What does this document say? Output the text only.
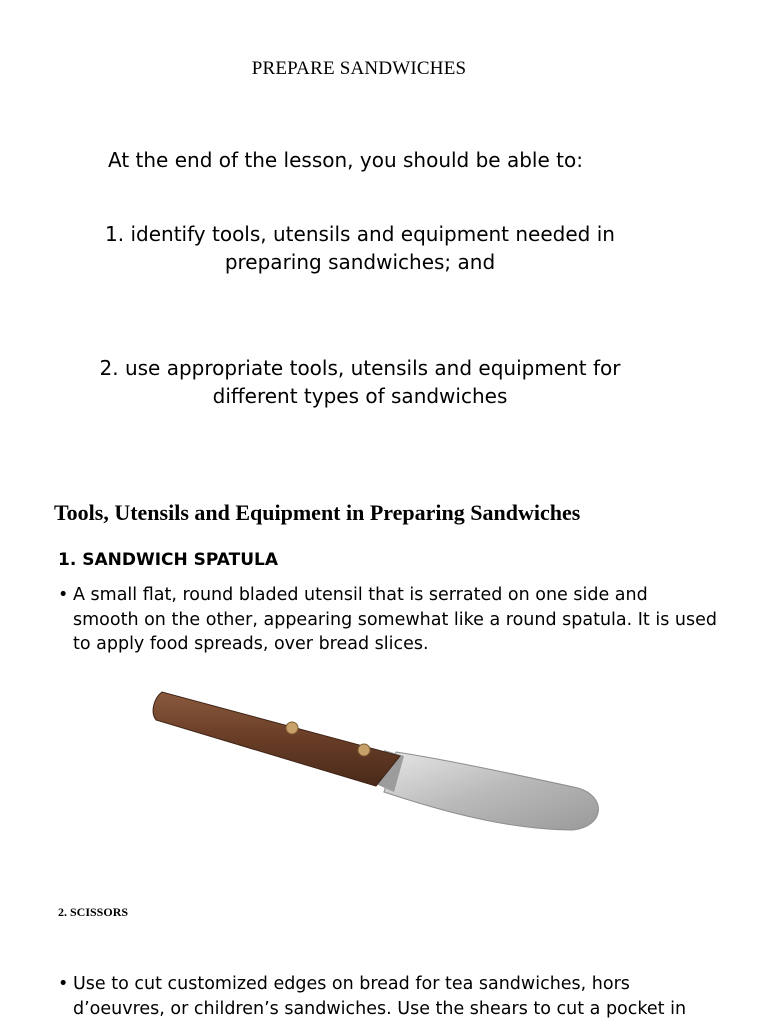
PREPARE SANDWICHES
At the end of the lesson, you should be able to:
1. identify tools, utensils and equipment needed in
preparing sandwiches; and
2. use appropriate tools, utensils and equipment for
different types of sandwiches
Tools, Utensils and Equipment in Preparing Sandwiches
1. SANDWICH SPATULA
• A small flat, round bladed utensil that is serrated on one side and smooth on the other, appearing somewhat like a round spatula. It is used to apply food spreads, over bread slices.
2. SCISSORS
• Use to cut customized edges on bread for tea sandwiches, hors d’oeuvres, or children’s sandwiches. Use the shears to cut a pocket in
